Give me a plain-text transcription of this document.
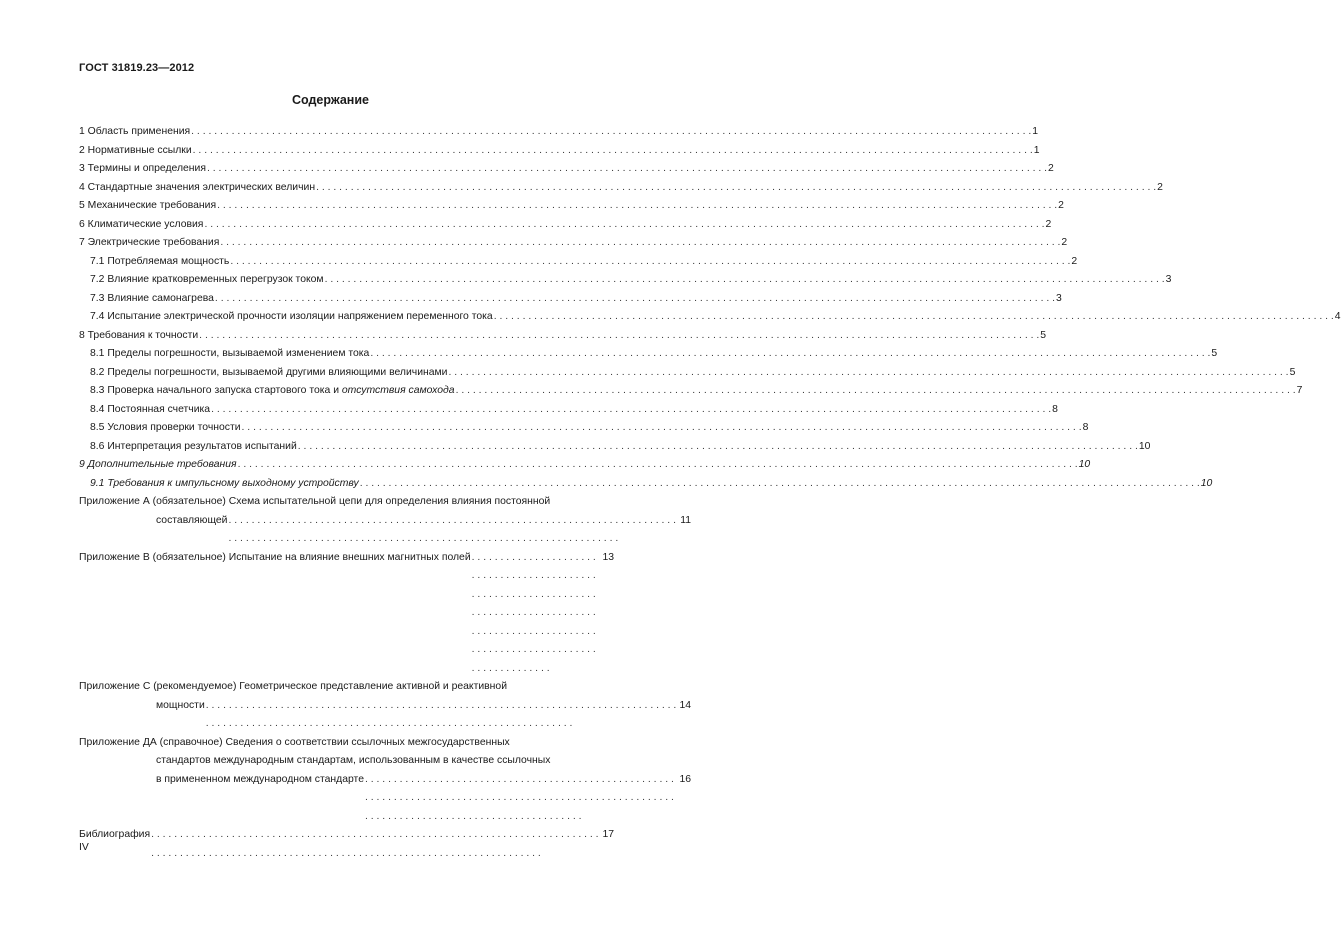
ГОСТ 31819.23—2012
Содержание
1 Область применения . . .	1
2 Нормативные ссылки . . .	1
3 Термины и определения . . .	2
4 Стандартные значения электрических величин . . .	2
5 Механические требования . . .	2
6 Климатические условия . . .	2
7 Электрические требования . . .	2
7.1 Потребляемая мощность . . .	2
7.2 Влияние кратковременных перегрузок током . . .	3
7.3 Влияние самонагрева . . .	3
7.4 Испытание электрической прочности изоляции напряжением переменного тока . . .	4
8 Требования к точности . . .	5
8.1 Пределы погрешности, вызываемой изменением тока . . .	5
8.2 Пределы погрешности, вызываемой другими влияющими величинами . . .	5
8.3 Проверка начального запуска стартового тока и отсутствия самохода . . .	7
8.4 Постоянная счетчика . . .	8
8.5 Условия проверки точности . . .	8
8.6 Интерпретация результатов испытаний . . .	10
9 Дополнительные требования . . .	10
9.1 Требования к импульсному выходному устройству . . .	10
Приложение А (обязательное) Схема испытательной цепи для определения влияния постоянной
составляющей . . .	11
Приложение В (обязательное) Испытание на влияние внешних магнитных полей . . .	13
Приложение С (рекомендуемое) Геометрическое представление активной и реактивной
мощности . . .	14
Приложение ДА (справочное) Сведения о соответствии ссылочных межгосударственных
стандартов международным стандартам, использованным в качестве ссылочных
в примененном международном стандарте . . .	16
Библиография . . .	17
IV
